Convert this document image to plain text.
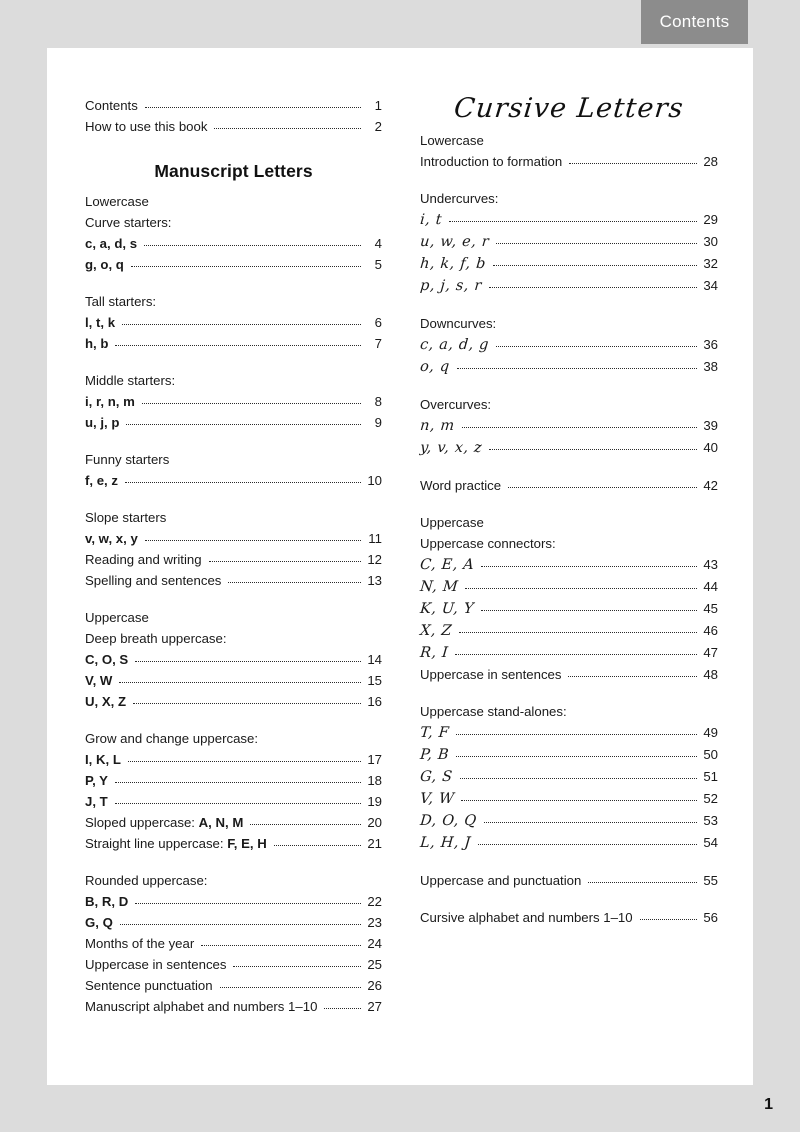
Contents
Contents	1
How to use this book	2
Manuscript Letters
Lowercase
Curve starters:
c, a, d, s	4
g, o, q	5
Tall starters:
l, t, k	6
h, b	7
Middle starters:
i, r, n, m	8
u, j, p	9
Funny starters
f, e, z	10
Slope starters
v, w, x, y	11
Reading and writing	12
Spelling and sentences	13
Uppercase
Deep breath uppercase:
C, O, S	14
V, W	15
U, X, Z	16
Grow and change uppercase:
I, K, L	17
P, Y	18
J, T	19
Sloped uppercase: A, N, M	20
Straight line uppercase: F, E, H	21
Rounded uppercase:
B, R, D	22
G, Q	23
Months of the year	24
Uppercase in sentences	25
Sentence punctuation	26
Manuscript alphabet and numbers 1–10	27
Cursive Letters
Lowercase
Introduction to formation	28
Undercurves:
i, t	29
u, w, e, r	30
h, k, f, b	32
p, j, s, r	34
Downcurves:
c, a, d, g	36
o, q	38
Overcurves:
n, m	39
y, v, x, z	40
Word practice	42
Uppercase
Uppercase connectors:
C, E, A	43
N, M	44
K, U, Y	45
X, Z	46
R, I	47
Uppercase in sentences	48
Uppercase stand-alones:
T, F	49
P, B	50
G, S	51
V, W	52
D, O, Q	53
L, H, J	54
Uppercase and punctuation	55
Cursive alphabet and numbers 1–10	56
1
